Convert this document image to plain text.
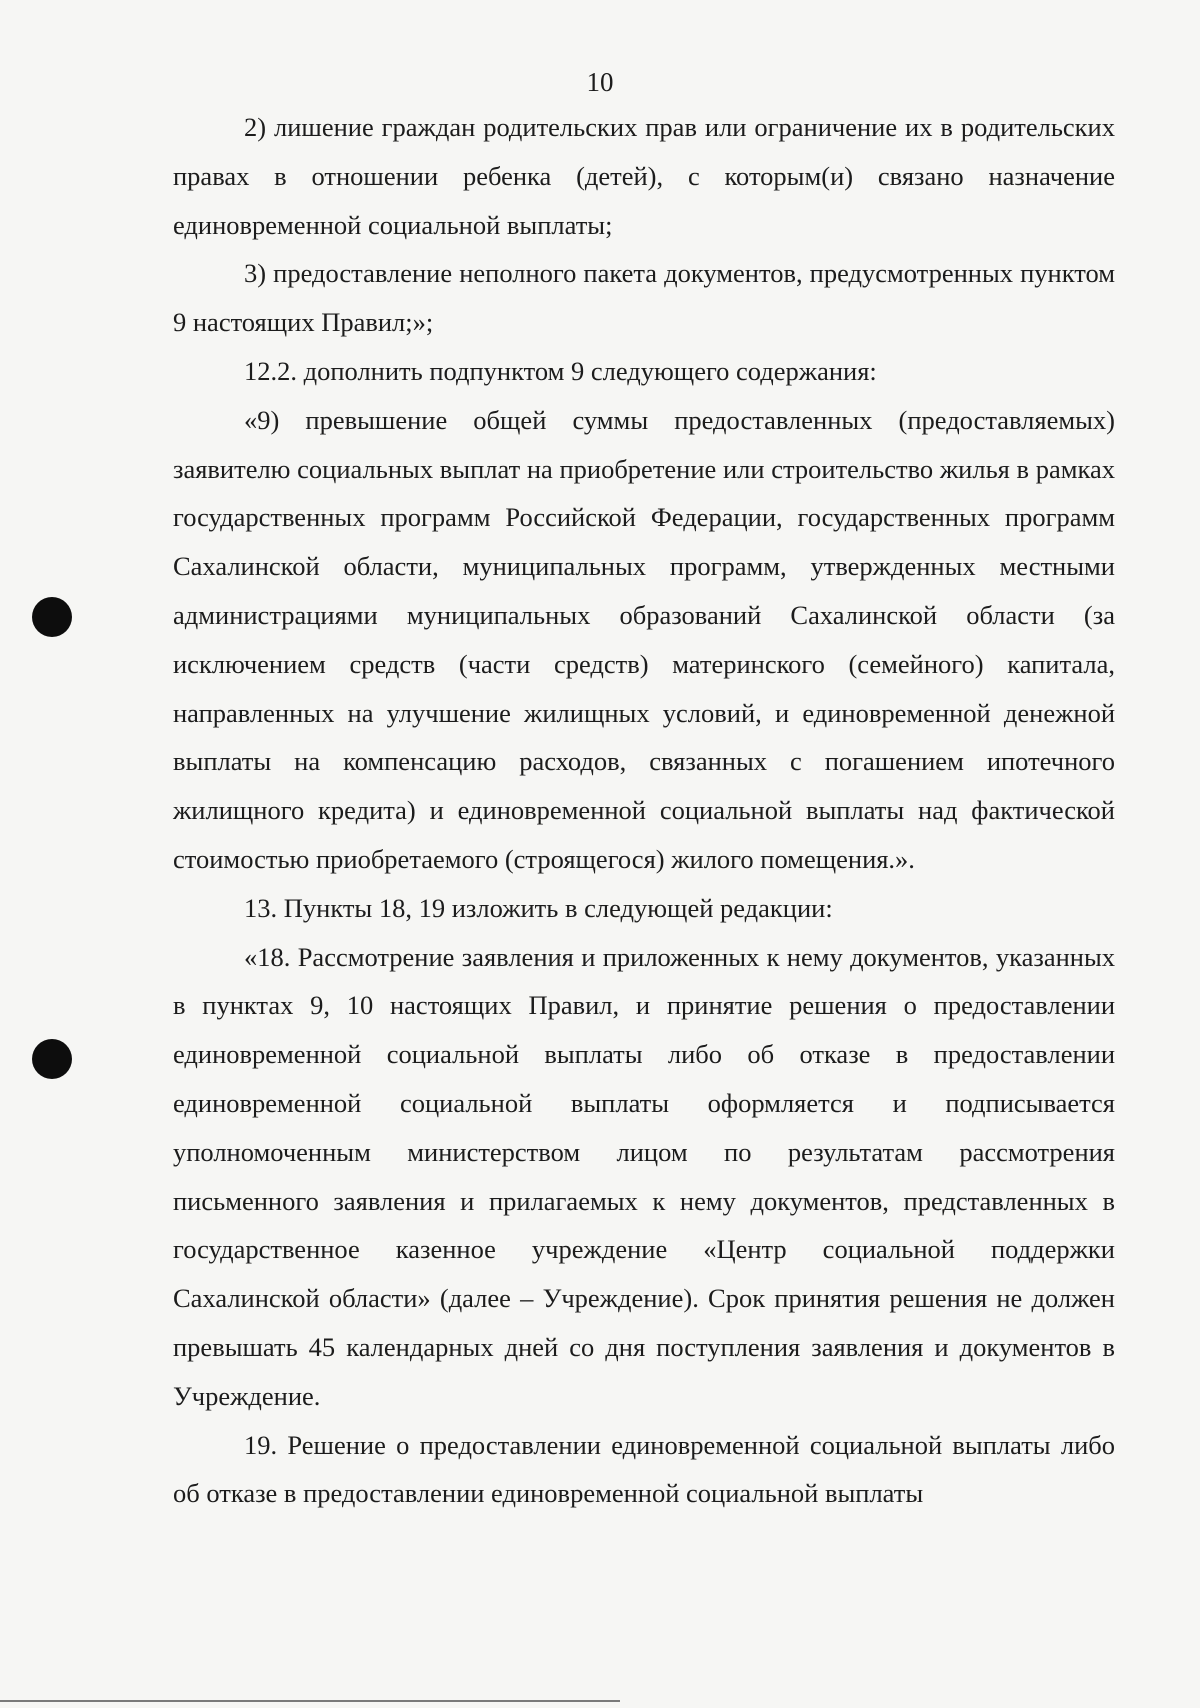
10

2) лишение граждан родительских прав или ограничение их в родительских правах в отношении ребенка (детей), с которым(и) связано назначение единовременной социальной выплаты;

3) предоставление неполного пакета документов, предусмотренных пунктом 9 настоящих Правил;»;

12.2. дополнить подпунктом 9 следующего содержания:

«9) превышение общей суммы предоставленных (предоставляемых) заявителю социальных выплат на приобретение или строительство жилья в рамках государственных программ Российской Федерации, государственных программ Сахалинской области, муниципальных программ, утвержденных местными администрациями муниципальных образований Сахалинской области (за исключением средств (части средств) материнского (семейного) капитала, направленных на улучшение жилищных условий, и единовременной денежной выплаты на компенсацию расходов, связанных с погашением ипотечного жилищного кредита) и единовременной социальной выплаты над фактической стоимостью приобретаемого (строящегося) жилого помещения.».

13. Пункты 18, 19 изложить в следующей редакции:

«18. Рассмотрение заявления и приложенных к нему документов, указанных в пунктах 9, 10 настоящих Правил, и принятие решения о предоставлении единовременной социальной выплаты либо об отказе в предоставлении единовременной социальной выплаты оформляется и подписывается уполномоченным министерством лицом по результатам рассмотрения письменного заявления и прилагаемых к нему документов, представленных в государственное казенное учреждение «Центр социальной поддержки Сахалинской области» (далее – Учреждение). Срок принятия решения не должен превышать 45 календарных дней со дня поступления заявления и документов в Учреждение.

19. Решение о предоставлении единовременной социальной выплаты либо об отказе в предоставлении единовременной социальной выплаты
